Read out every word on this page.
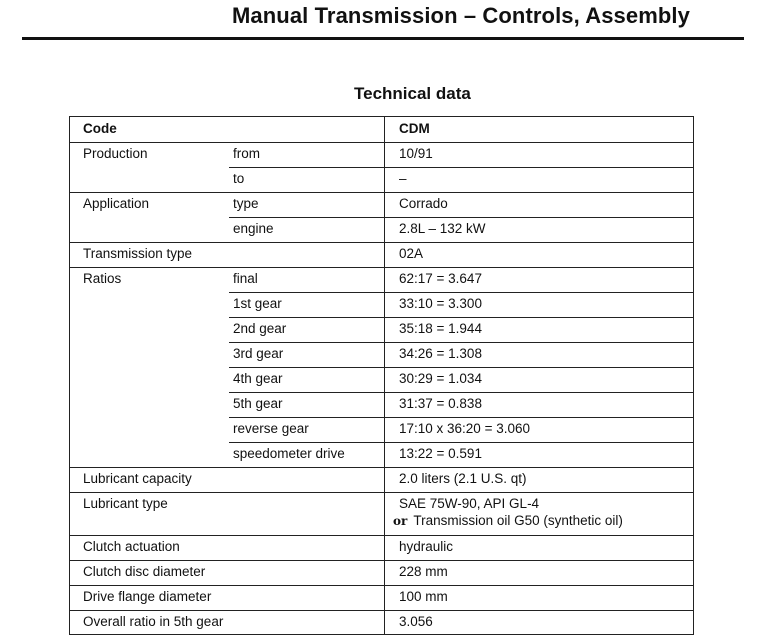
Manual Transmission – Controls, Assembly
Technical data
Code	CDM
Production	from	10/91
to	–
Application	type	Corrado
engine	2.8L – 132 kW
Transmission type	02A
Ratios	final	62:17 = 3.647
1st gear	33:10 = 3.300
2nd gear	35:18 = 1.944
3rd gear	34:26 = 1.308
4th gear	30:29 = 1.034
5th gear	31:37 = 0.838
reverse gear	17:10 x 36:20 = 3.060
speedometer drive	13:22 = 0.591
Lubricant capacity	2.0 liters (2.1 U.S. qt)
Lubricant type	SAE 75W-90, API GL-4
or Transmission oil G50 (synthetic oil)
Clutch actuation	hydraulic
Clutch disc diameter	228 mm
Drive flange diameter	100 mm
Overall ratio in 5th gear	3.056
